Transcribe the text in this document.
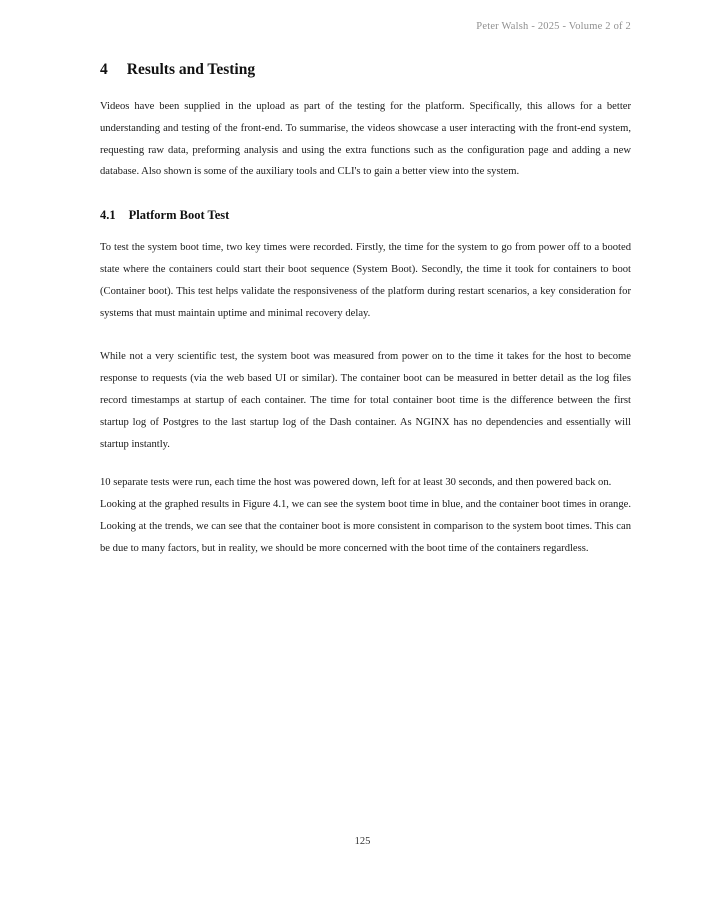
Peter Walsh - 2025 - Volume 2 of 2
4 Results and Testing

Videos have been supplied in the upload as part of the testing for the platform. Specifically, this allows for a better understanding and testing of the front-end. To summarise, the videos showcase a user interacting with the front-end system, requesting raw data, preforming analysis and using the extra functions such as the configuration page and adding a new database. Also shown is some of the auxiliary tools and CLI's to gain a better view into the system.

4.1 Platform Boot Test

To test the system boot time, two key times were recorded. Firstly, the time for the system to go from power off to a booted state where the containers could start their boot sequence (System Boot). Secondly, the time it took for containers to boot (Container boot). This test helps validate the responsiveness of the platform during restart scenarios, a key consideration for systems that must maintain uptime and minimal recovery delay.

While not a very scientific test, the system boot was measured from power on to the time it takes for the host to become response to requests (via the web based UI or similar). The container boot can be measured in better detail as the log files record timestamps at startup of each container. The time for total container boot time is the difference between the first startup log of Postgres to the last startup log of the Dash container. As NGINX has no dependencies and essentially will startup instantly.

10 separate tests were run, each time the host was powered down, left for at least 30 seconds, and then powered back on.

Looking at the graphed results in Figure 4.1, we can see the system boot time in blue, and the container boot times in orange. Looking at the trends, we can see that the container boot is more consistent in comparison to the system boot times. This can be due to many factors, but in reality, we should be more concerned with the boot time of the containers regardless.

125
